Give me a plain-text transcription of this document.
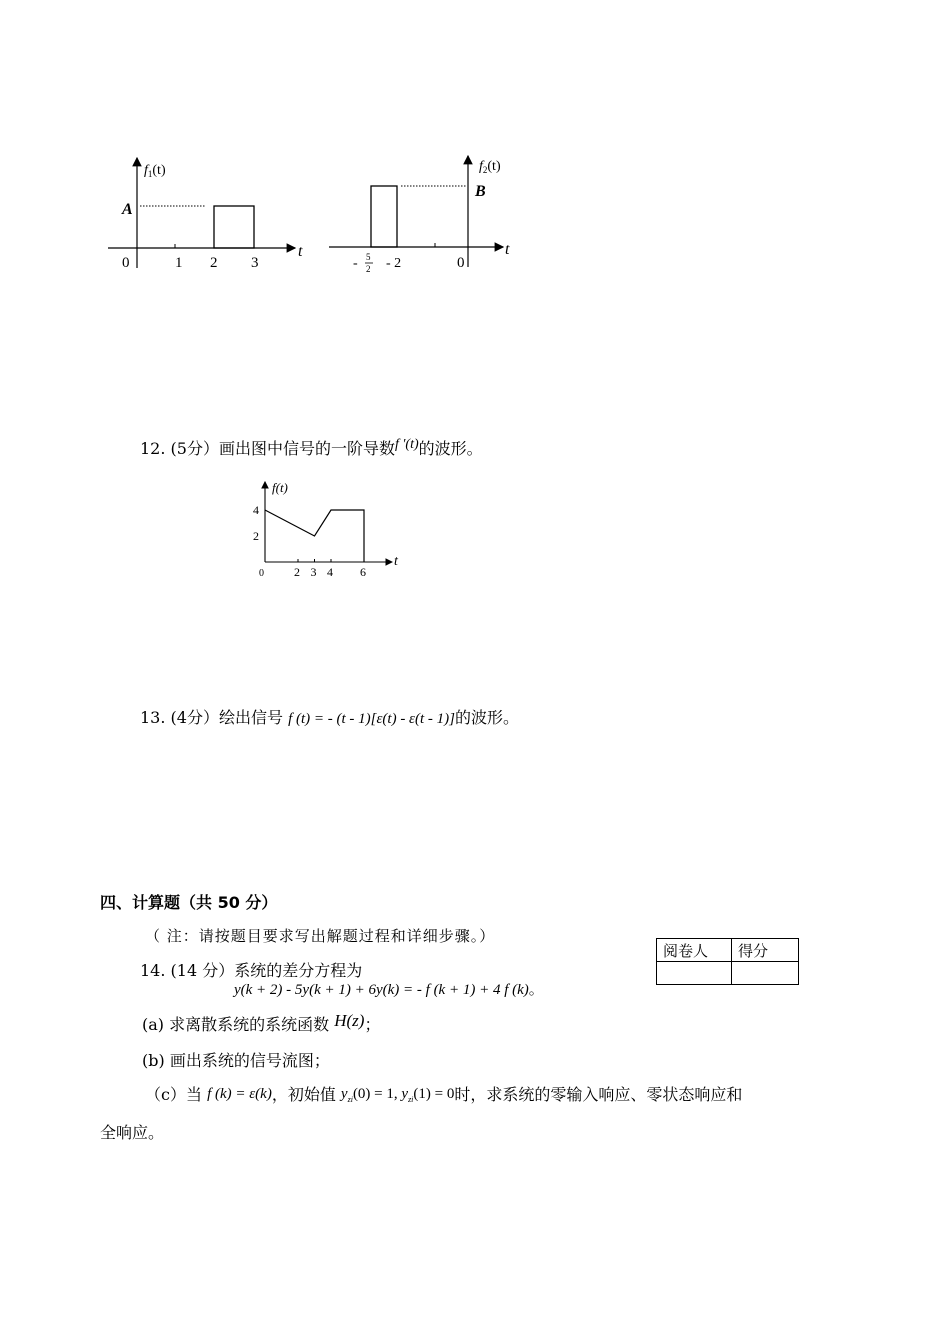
$f_1(t)$
A
t
0	1 2 3
$f_2(t)$
B
t
- 5
2 - 2	0
12. (5分）画出图中信号的一阶导数f ′(t)的波形。
0	2 3 4 6
4
2
f(t)
t
13. (4分）绘出信号 f (t) = - (t - 1)[ε(t) - ε(t - 1)]的波形。
四、计算题（共 50 分）
（ 注：请按题目要求写出解题过程和详细步骤。）
阅卷人	得分

14. (14 分）系统的差分方程为
y(k + 2) - 5y(k + 1) + 6y(k) = - f (k + 1) + 4 f (k)。
(a) 求离散系统的系统函数 H(z)；
(b) 画出系统的信号流图；
（c）当 f (k) = ε(k)，初始值 $y_{zi}(0) = 1$, $y_{zi}(1) = 0$时，求系统的零输入响应、零状态响应和
全响应。
